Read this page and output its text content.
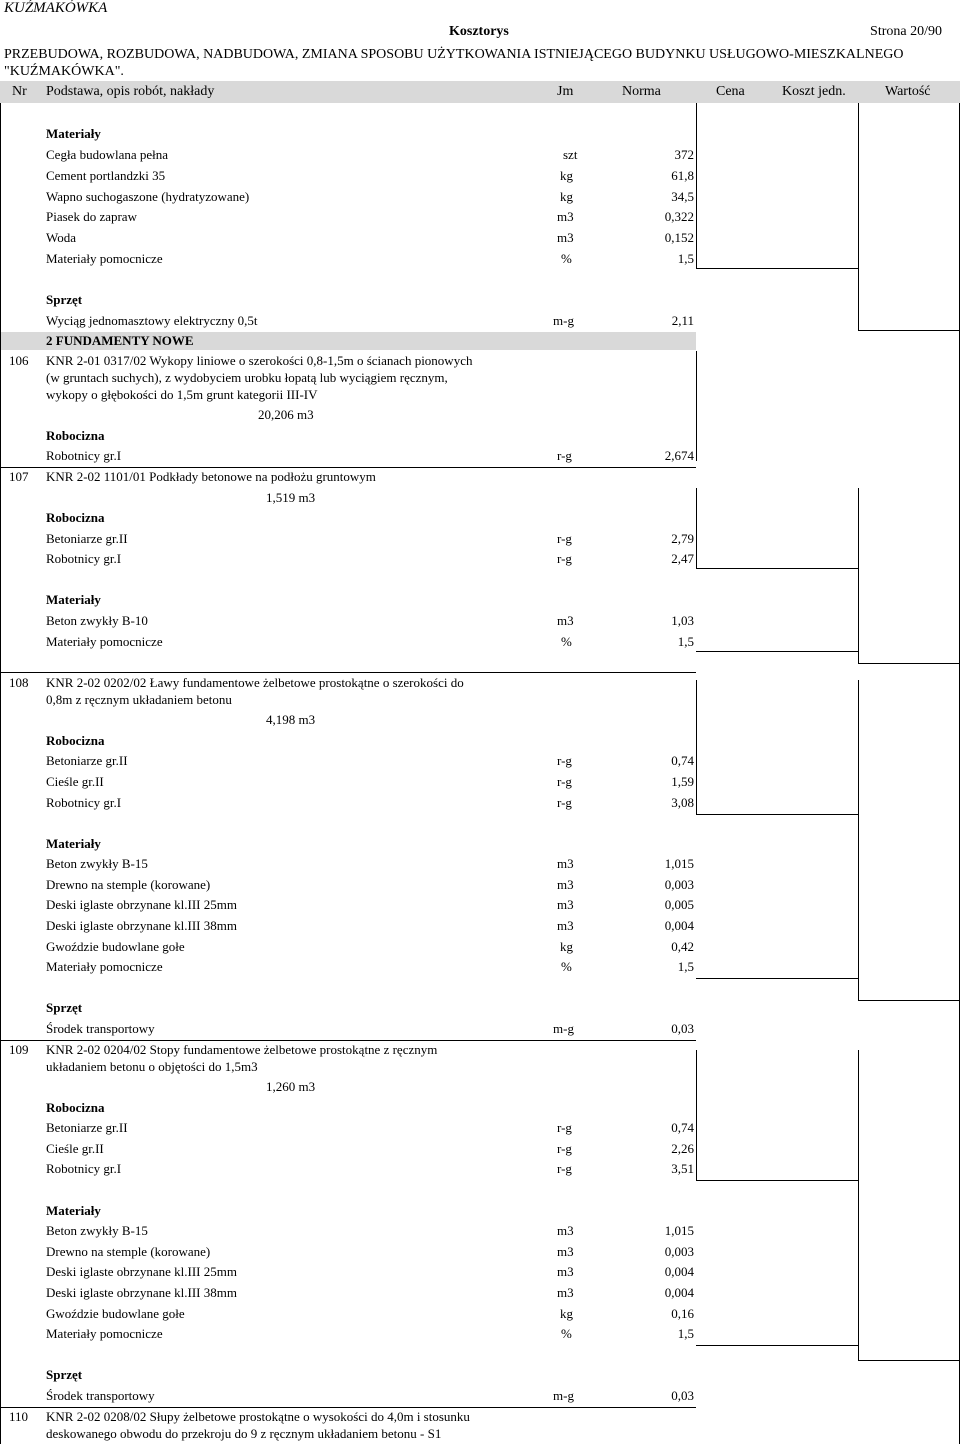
KUŹMAKÓWKA
Kosztorys	Strona 20/90
PRZEBUDOWA, ROZBUDOWA, NADBUDOWA, ZMIANA SPOSOBU UŻYTKOWANIA ISTNIEJĄCEGO BUDYNKU USŁUGOWO-MIESZKALNEGO "KUŹMAKÓWKA".
Nr Podstawa, opis robót, nakłady	Jm	Norma	Cena	Koszt jedn.	Wartość
Materiały
Cegła budowlana pełna	szt	372
Cement portlandzki 35	kg	61,8
Wapno suchogaszone (hydratyzowane)	kg	34,5
Piasek do zapraw	m3	0,322
Woda	m3	0,152
Materiały pomocnicze	%	1,5
Sprzęt
Wyciąg jednomasztowy elektryczny 0,5t	m-g	2,11
2 FUNDAMENTY NOWE
106 KNR 2-01 0317/02 Wykopy liniowe o szerokości 0,8-1,5m o ścianach pionowych
(w gruntach suchych), z wydobyciem urobku łopatą lub wyciągiem ręcznym,
wykopy o głębokości do 1,5m grunt kategorii III-IV
20,206 m3
Robocizna
Robotnicy gr.I	r-g	2,674
107 KNR 2-02 1101/01 Podkłady betonowe na podłożu gruntowym
1,519 m3
Robocizna
Betoniarze gr.II	r-g	2,79
Robotnicy gr.I	r-g	2,47
Materiały
Beton zwykły B-10	m3	1,03
Materiały pomocnicze	%	1,5
108 KNR 2-02 0202/02 Ławy fundamentowe żelbetowe prostokątne o szerokości do
0,8m z ręcznym układaniem betonu
4,198 m3
Robocizna
Betoniarze gr.II	r-g	0,74
Cieśle gr.II	r-g	1,59
Robotnicy gr.I	r-g	3,08
Materiały
Beton zwykły B-15	m3	1,015
Drewno na stemple (korowane)	m3	0,003
Deski iglaste obrzynane kl.III 25mm	m3	0,005
Deski iglaste obrzynane kl.III 38mm	m3	0,004
Gwoździe budowlane gołe	kg	0,42
Materiały pomocnicze	%	1,5
Sprzęt
Środek transportowy	m-g	0,03
109 KNR 2-02 0204/02 Stopy fundamentowe żelbetowe prostokątne z ręcznym
układaniem betonu o objętości do 1,5m3
1,260 m3
Robocizna
Betoniarze gr.II	r-g	0,74
Cieśle gr.II	r-g	2,26
Robotnicy gr.I	r-g	3,51
Materiały
Beton zwykły B-15	m3	1,015
Drewno na stemple (korowane)	m3	0,003
Deski iglaste obrzynane kl.III 25mm	m3	0,004
Deski iglaste obrzynane kl.III 38mm	m3	0,004
Gwoździe budowlane gołe	kg	0,16
Materiały pomocnicze	%	1,5
Sprzęt
Środek transportowy	m-g	0,03
110 KNR 2-02 0208/02 Słupy żelbetowe prostokątne o wysokości do 4,0m i stosunku
deskowanego obwodu do przekroju do 9 z ręcznym układaniem betonu - S1
